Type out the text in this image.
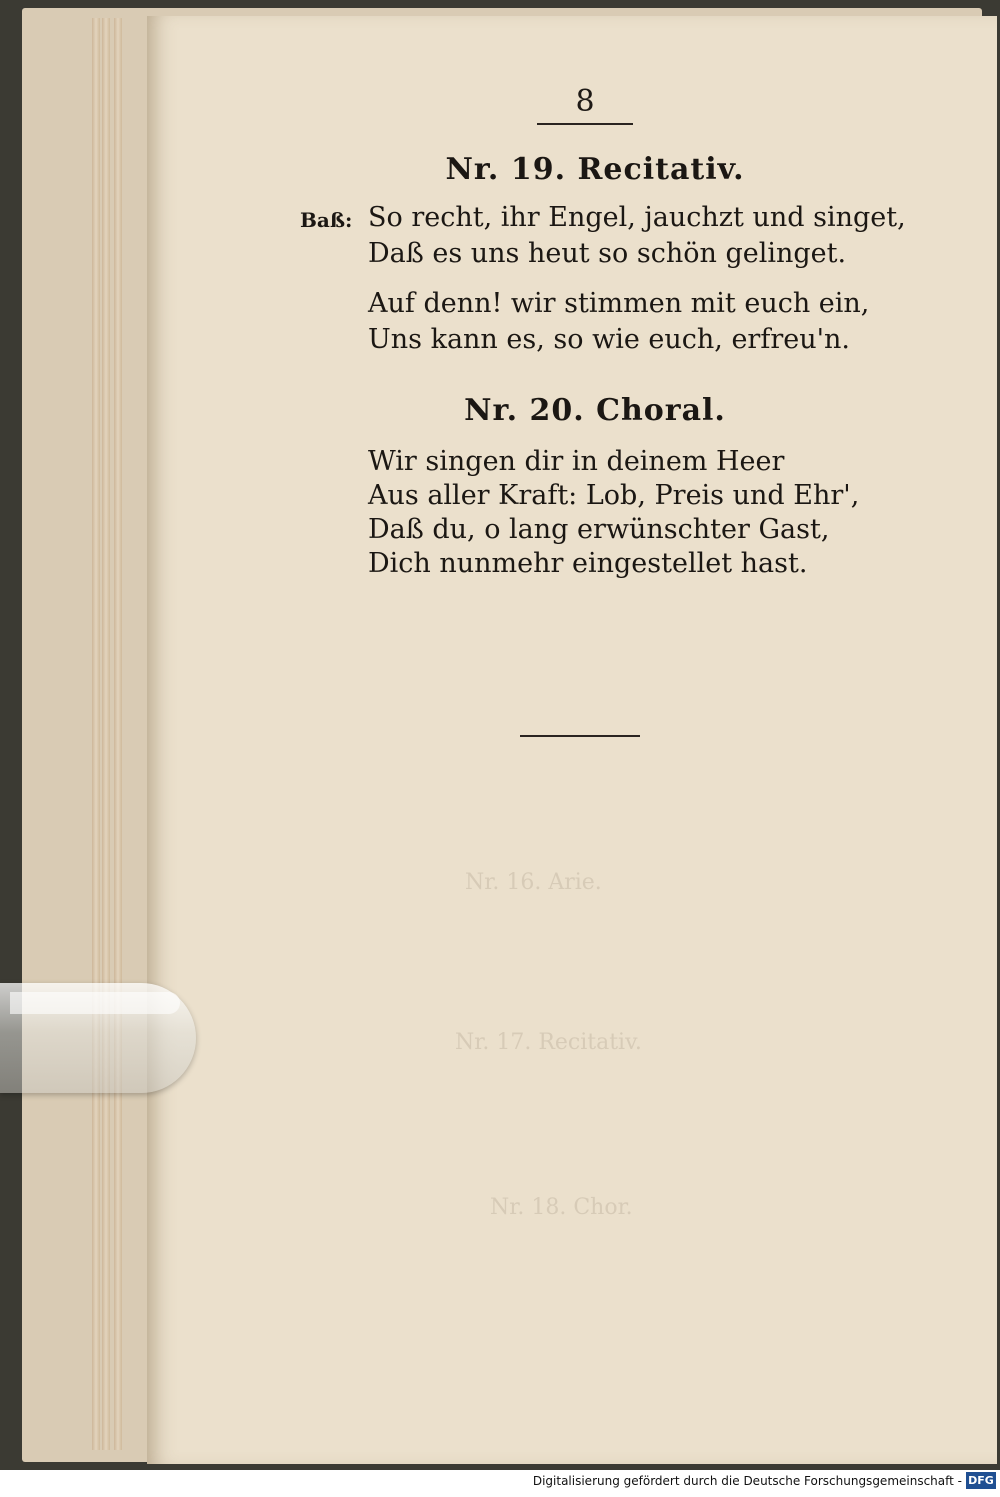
Nr. 16. Arie.
Nr. 17. Recitativ.
Nr. 18. Chor.
8
Nr. 19. Recitativ.
Baß: So recht, ihr Engel, jauchzt und singet,
Daß es uns heut so schön gelinget.
Auf denn! wir stimmen mit euch ein,
Uns kann es, so wie euch, erfreu'n.
Nr. 20. Choral.
Wir singen dir in deinem Heer
Aus aller Kraft: Lob, Preis und Ehr',
Daß du, o lang erwünschter Gast,
Dich nunmehr eingestellet hast.
Digitalisierung gefördert durch die Deutsche Forschungsgemeinschaft - DFG
